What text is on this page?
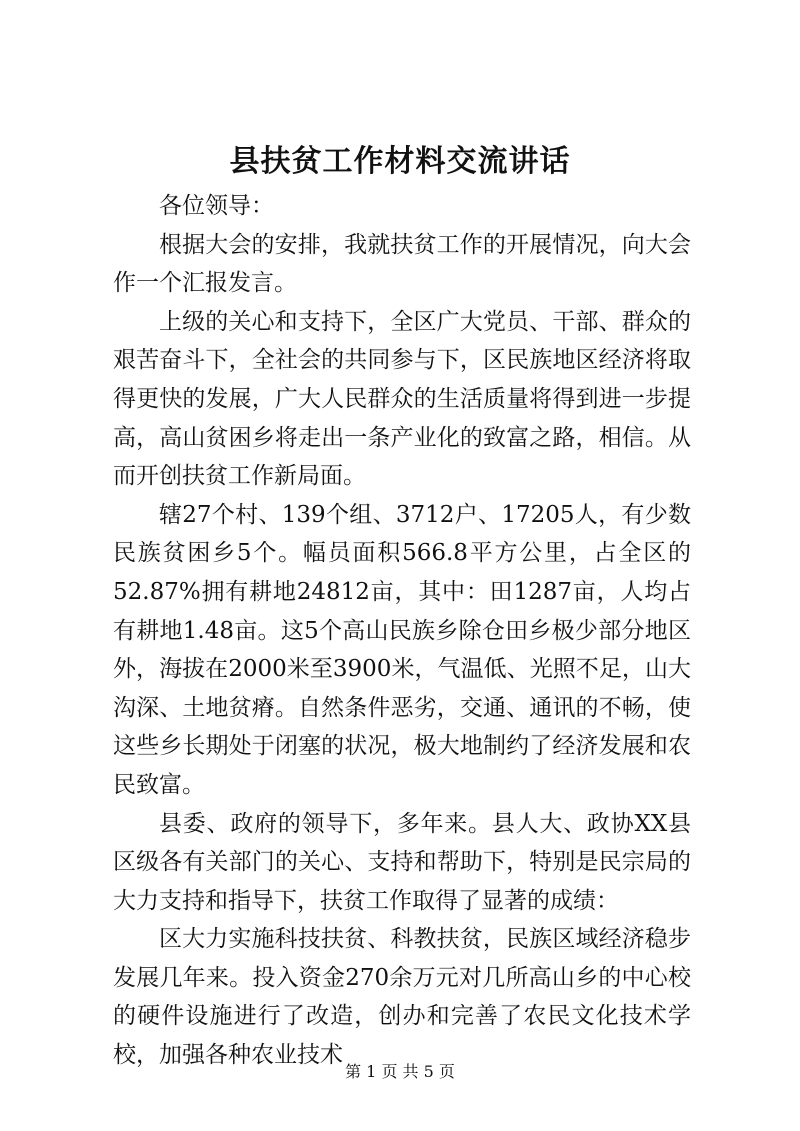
县扶贫工作材料交流讲话

各位领导：

根据大会的安排，我就扶贫工作的开展情况，向大会作一个汇报发言。

上级的关心和支持下，全区广大党员、干部、群众的艰苦奋斗下，全社会的共同参与下，区民族地区经济将取得更快的发展，广大人民群众的生活质量将得到进一步提高，高山贫困乡将走出一条产业化的致富之路，相信。从而开创扶贫工作新局面。

辖27个村、139个组、3712户、17205人，有少数民族贫困乡5个。幅员面积566.8平方公里，占全区的52.87%拥有耕地24812亩，其中：田1287亩，人均占有耕地1.48亩。这5个高山民族乡除仓田乡极少部分地区外，海拔在2000米至3900米，气温低、光照不足，山大沟深、土地贫瘠。自然条件恶劣，交通、通讯的不畅，使这些乡长期处于闭塞的状况，极大地制约了经济发展和农民致富。

县委、政府的领导下，多年来。县人大、政协XX县区级各有关部门的关心、支持和帮助下，特别是民宗局的大力支持和指导下，扶贫工作取得了显著的成绩：

区大力实施科技扶贫、科教扶贫，民族区域经济稳步发展几年来。投入资金270余万元对几所高山乡的中心校的硬件设施进行了改造，创办和完善了农民文化技术学校，加强各种农业技术

第 1 页 共 5 页
